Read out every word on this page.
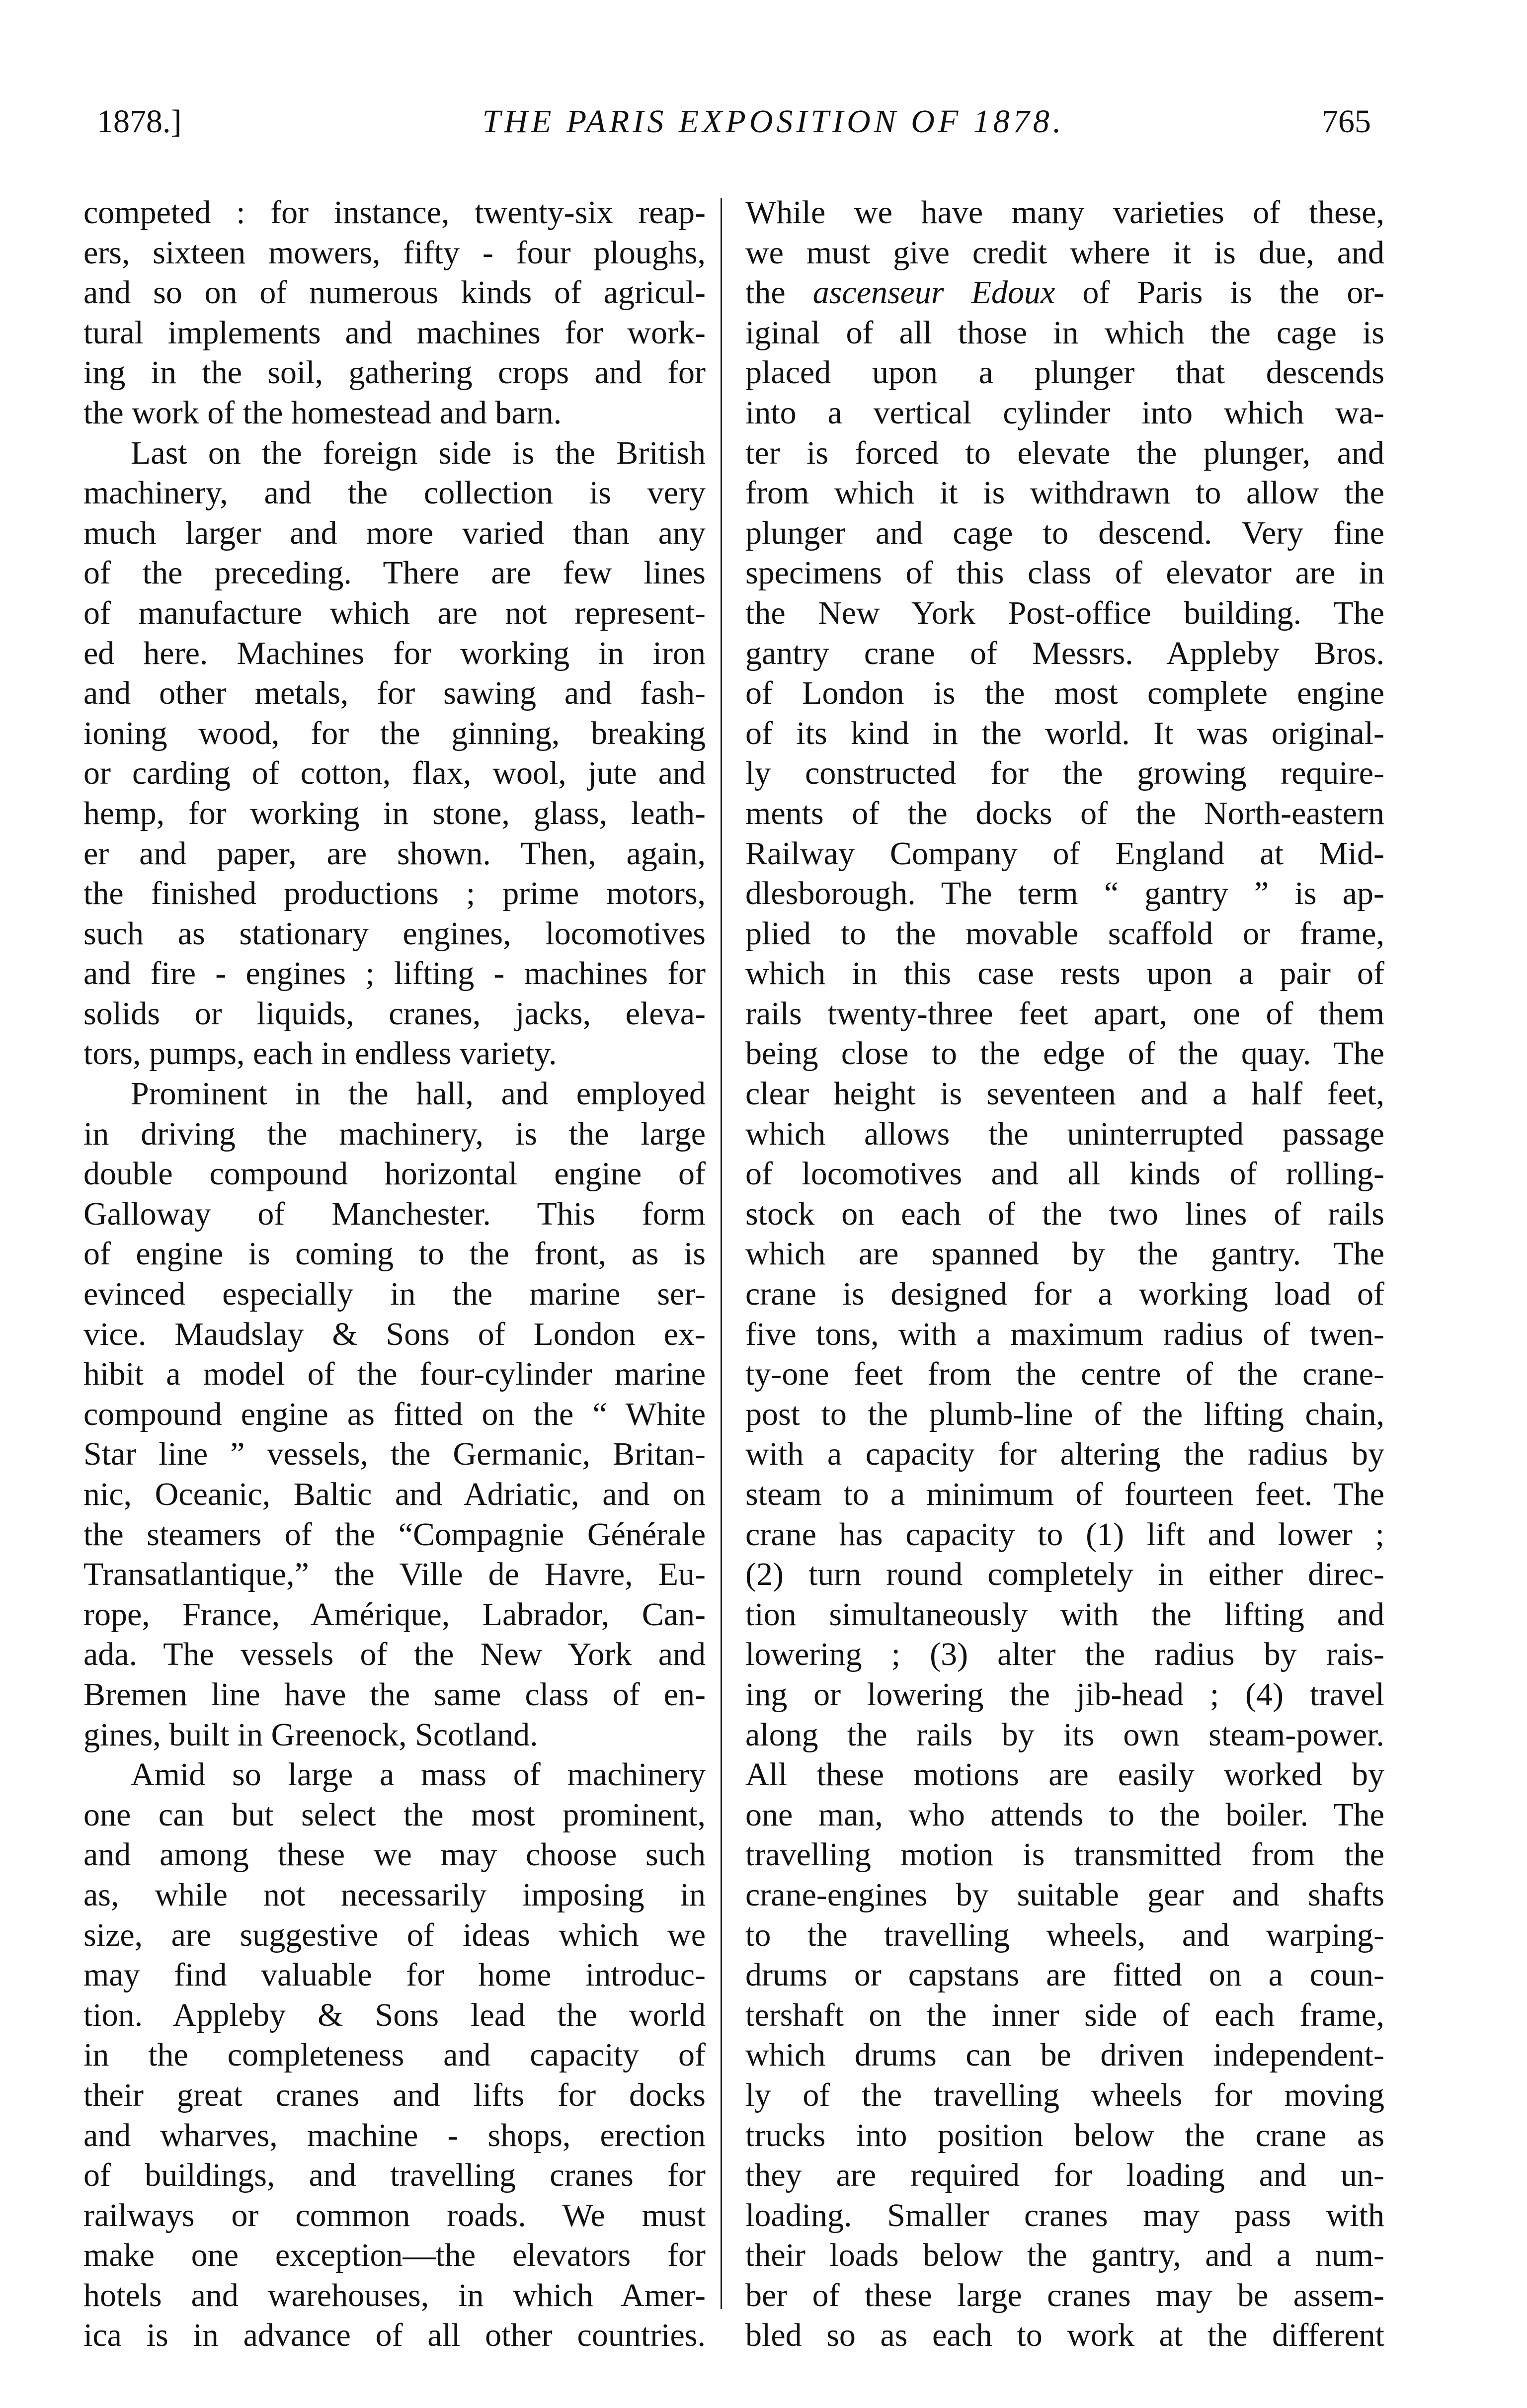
1878.]	THE PARIS EXPOSITION OF 1878.	765
competed : for instance, twenty-six reap-
ers, sixteen mowers, fifty - four ploughs,
and so on of numerous kinds of agricul-
tural implements and machines for work-
ing in the soil, gathering crops and for
the work of the homestead and barn.
Last on the foreign side is the British
machinery, and the collection is very
much larger and more varied than any
of the preceding. There are few lines
of manufacture which are not represent-
ed here. Machines for working in iron
and other metals, for sawing and fash-
ioning wood, for the ginning, breaking
or carding of cotton, flax, wool, jute and
hemp, for working in stone, glass, leath-
er and paper, are shown. Then, again,
the finished productions ; prime motors,
such as stationary engines, locomotives
and fire - engines ; lifting - machines for
solids or liquids, cranes, jacks, eleva-
tors, pumps, each in endless variety.
Prominent in the hall, and employed
in driving the machinery, is the large
double compound horizontal engine of
Galloway of Manchester. This form
of engine is coming to the front, as is
evinced especially in the marine ser-
vice. Maudslay & Sons of London ex-
hibit a model of the four-cylinder marine
compound engine as fitted on the “ White
Star line ” vessels, the Germanic, Britan-
nic, Oceanic, Baltic and Adriatic, and on
the steamers of the “Compagnie Générale
Transatlantique,” the Ville de Havre, Eu-
rope, France, Amérique, Labrador, Can-
ada. The vessels of the New York and
Bremen line have the same class of en-
gines, built in Greenock, Scotland.
Amid so large a mass of machinery
one can but select the most prominent,
and among these we may choose such
as, while not necessarily imposing in
size, are suggestive of ideas which we
may find valuable for home introduc-
tion. Appleby & Sons lead the world
in the completeness and capacity of
their great cranes and lifts for docks
and wharves, machine - shops, erection
of buildings, and travelling cranes for
railways or common roads. We must
make one exception—the elevators for
hotels and warehouses, in which Amer-
ica is in advance of all other countries.
While we have many varieties of these,
we must give credit where it is due, and
the ascenseur Edoux of Paris is the or-
iginal of all those in which the cage is
placed upon a plunger that descends
into a vertical cylinder into which wa-
ter is forced to elevate the plunger, and
from which it is withdrawn to allow the
plunger and cage to descend. Very fine
specimens of this class of elevator are in
the New York Post-office building. The
gantry crane of Messrs. Appleby Bros.
of London is the most complete engine
of its kind in the world. It was original-
ly constructed for the growing require-
ments of the docks of the North-eastern
Railway Company of England at Mid-
dlesborough. The term “ gantry ” is ap-
plied to the movable scaffold or frame,
which in this case rests upon a pair of
rails twenty-three feet apart, one of them
being close to the edge of the quay. The
clear height is seventeen and a half feet,
which allows the uninterrupted passage
of locomotives and all kinds of rolling-
stock on each of the two lines of rails
which are spanned by the gantry. The
crane is designed for a working load of
five tons, with a maximum radius of twen-
ty-one feet from the centre of the crane-
post to the plumb-line of the lifting chain,
with a capacity for altering the radius by
steam to a minimum of fourteen feet. The
crane has capacity to (1) lift and lower ;
(2) turn round completely in either direc-
tion simultaneously with the lifting and
lowering ; (3) alter the radius by rais-
ing or lowering the jib-head ; (4) travel
along the rails by its own steam-power.
All these motions are easily worked by
one man, who attends to the boiler. The
travelling motion is transmitted from the
crane-engines by suitable gear and shafts
to the travelling wheels, and warping-
drums or capstans are fitted on a coun-
tershaft on the inner side of each frame,
which drums can be driven independent-
ly of the travelling wheels for moving
trucks into position below the crane as
they are required for loading and un-
loading. Smaller cranes may pass with
their loads below the gantry, and a num-
ber of these large cranes may be assem-
bled so as each to work at the different
